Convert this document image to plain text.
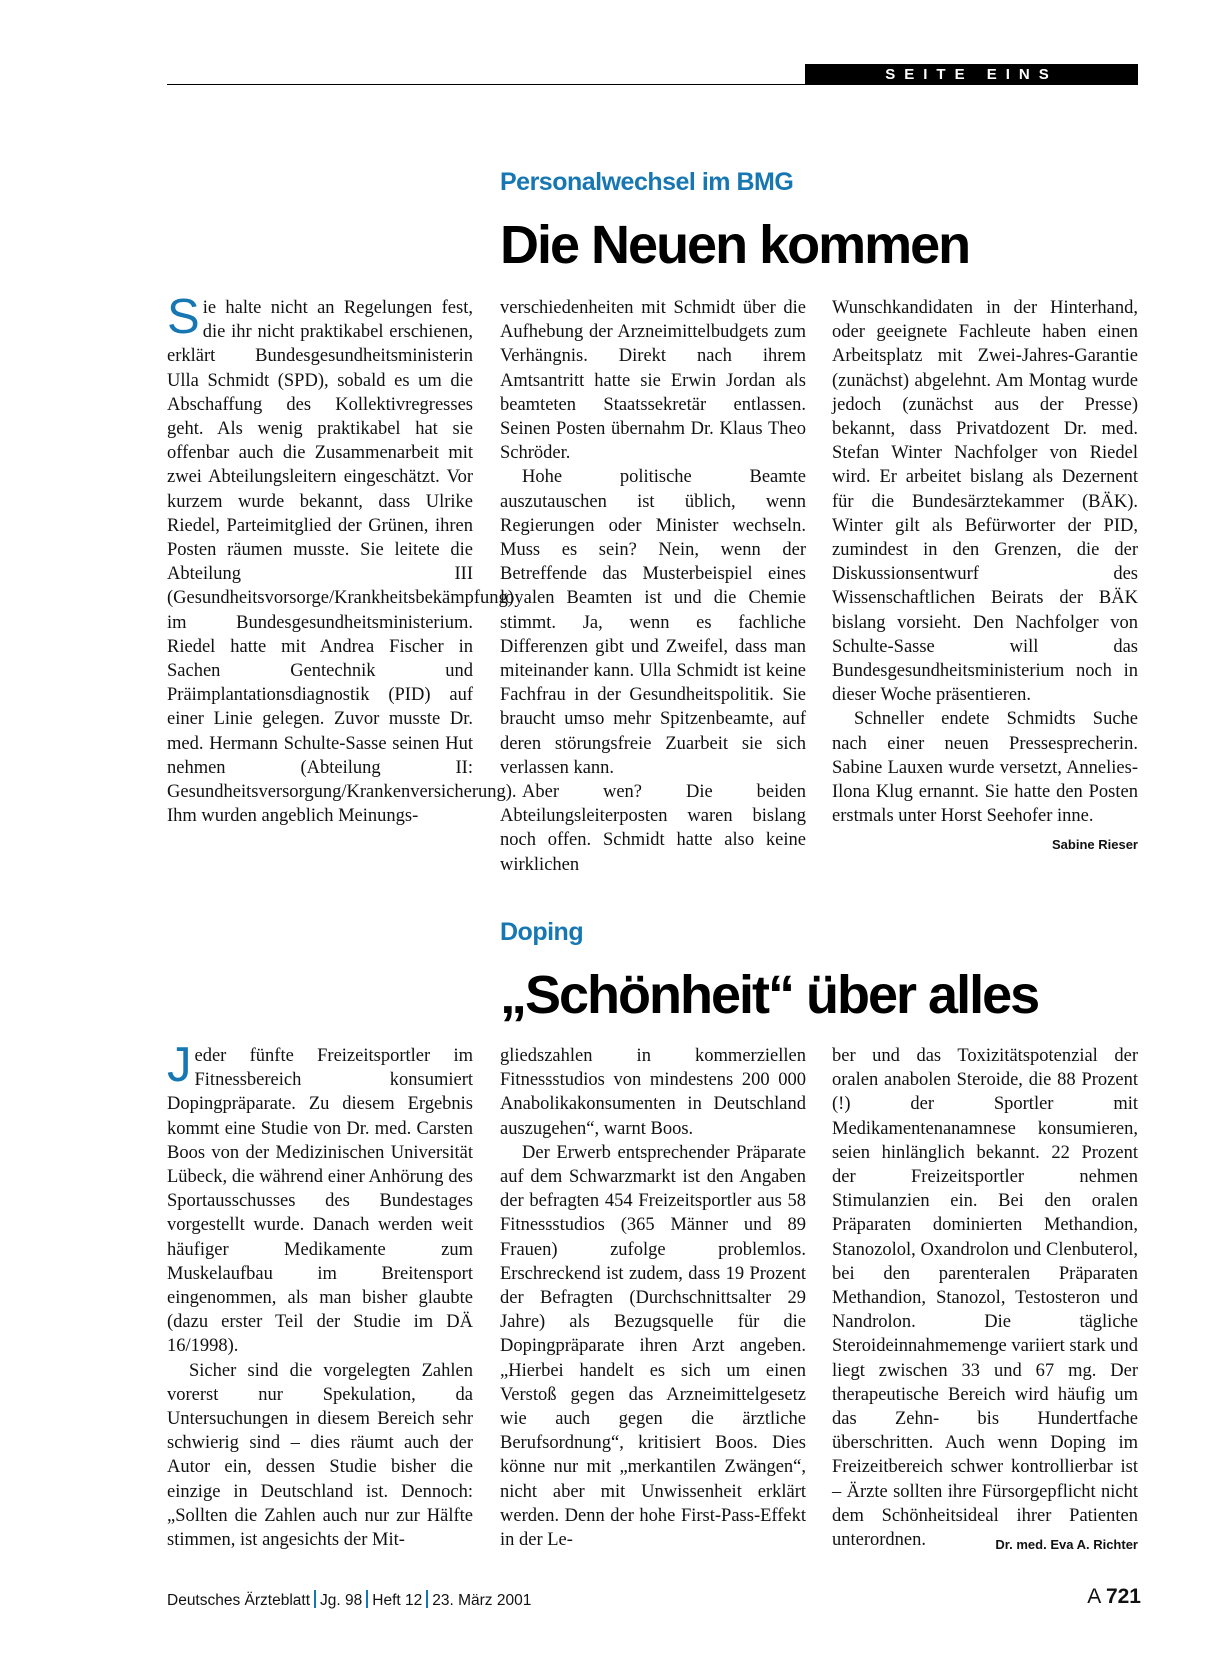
SEITE EINS
Personalwechsel im BMG
Die Neuen kommen

Sie halte nicht an Regelungen fest, die ihr nicht praktikabel erschienen, erklärt Bundesgesundheitsministerin Ulla Schmidt (SPD), sobald es um die Abschaffung des Kollektivregresses geht. Als wenig praktikabel hat sie offenbar auch die Zusammenarbeit mit zwei Abteilungsleitern eingeschätzt. Vor kurzem wurde bekannt, dass Ulrike Riedel, Parteimitglied der Grünen, ihren Posten räumen musste. Sie leitete die Abteilung III (Gesundheitsvorsorge/Krankheitsbekämpfung) im Bundesgesundheitsministerium. Riedel hatte mit Andrea Fischer in Sachen Gentechnik und Präimplantationsdiagnostik (PID) auf einer Linie gelegen. Zuvor musste Dr. med. Hermann Schulte-Sasse seinen Hut nehmen (Abteilung II: Gesundheitsversorgung/Krankenversicherung). Ihm wurden angeblich Meinungs-

verschiedenheiten mit Schmidt über die Aufhebung der Arzneimittelbudgets zum Verhängnis. Direkt nach ihrem Amtsantritt hatte sie Erwin Jordan als beamteten Staatssekretär entlassen. Seinen Posten übernahm Dr. Klaus Theo Schröder.

Hohe politische Beamte auszutauschen ist üblich, wenn Regierungen oder Minister wechseln. Muss es sein? Nein, wenn der Betreffende das Musterbeispiel eines loyalen Beamten ist und die Chemie stimmt. Ja, wenn es fachliche Differenzen gibt und Zweifel, dass man miteinander kann. Ulla Schmidt ist keine Fachfrau in der Gesundheitspolitik. Sie braucht umso mehr Spitzenbeamte, auf deren störungsfreie Zuarbeit sie sich verlassen kann.

Aber wen? Die beiden Abteilungsleiterposten waren bislang noch offen. Schmidt hatte also keine wirklichen

Wunschkandidaten in der Hinterhand, oder geeignete Fachleute haben einen Arbeitsplatz mit Zwei-Jahres-Garantie (zunächst) abgelehnt. Am Montag wurde jedoch (zunächst aus der Presse) bekannt, dass Privatdozent Dr. med. Stefan Winter Nachfolger von Riedel wird. Er arbeitet bislang als Dezernent für die Bundesärztekammer (BÄK). Winter gilt als Befürworter der PID, zumindest in den Grenzen, die der Diskussionsentwurf des Wissenschaftlichen Beirats der BÄK bislang vorsieht. Den Nachfolger von Schulte-Sasse will das Bundesgesundheitsministerium noch in dieser Woche präsentieren.

Schneller endete Schmidts Suche nach einer neuen Pressesprecherin. Sabine Lauxen wurde versetzt, Annelies-Ilona Klug ernannt. Sie hatte den Posten erstmals unter Horst Seehofer inne.
Sabine Rieser

Doping
„Schönheit“ über alles

Jeder fünfte Freizeitsportler im Fitnessbereich konsumiert Dopingpräparate. Zu diesem Ergebnis kommt eine Studie von Dr. med. Carsten Boos von der Medizinischen Universität Lübeck, die während einer Anhörung des Sportausschusses des Bundestages vorgestellt wurde. Danach werden weit häufiger Medikamente zum Muskelaufbau im Breitensport eingenommen, als man bisher glaubte (dazu erster Teil der Studie im DÄ 16/1998).

Sicher sind die vorgelegten Zahlen vorerst nur Spekulation, da Untersuchungen in diesem Bereich sehr schwierig sind – dies räumt auch der Autor ein, dessen Studie bisher die einzige in Deutschland ist. Dennoch: „Sollten die Zahlen auch nur zur Hälfte stimmen, ist angesichts der Mit-

gliedszahlen in kommerziellen Fitnessstudios von mindestens 200 000 Anabolikakonsumenten in Deutschland auszugehen“, warnt Boos.

Der Erwerb entsprechender Präparate auf dem Schwarzmarkt ist den Angaben der befragten 454 Freizeitsportler aus 58 Fitnessstudios (365 Männer und 89 Frauen) zufolge problemlos. Erschreckend ist zudem, dass 19 Prozent der Befragten (Durchschnittsalter 29 Jahre) als Bezugsquelle für die Dopingpräparate ihren Arzt angeben. „Hierbei handelt es sich um einen Verstoß gegen das Arzneimittelgesetz wie auch gegen die ärztliche Berufsordnung“, kritisiert Boos. Dies könne nur mit „merkantilen Zwängen“, nicht aber mit Unwissenheit erklärt werden. Denn der hohe First-Pass-Effekt in der Le-

ber und das Toxizitätspotenzial der oralen anabolen Steroide, die 88 Prozent (!) der Sportler mit Medikamentenanamnese konsumieren, seien hinlänglich bekannt. 22 Prozent der Freizeitsportler nehmen Stimulanzien ein. Bei den oralen Präparaten dominierten Methandion, Stanozolol, Oxandrolon und Clenbuterol, bei den parenteralen Präparaten Methandion, Stanozol, Testosteron und Nandrolon. Die tägliche Steroideinnahmemenge variiert stark und liegt zwischen 33 und 67 mg. Der therapeutische Bereich wird häufig um das Zehn- bis Hundertfache überschritten. Auch wenn Doping im Freizeitbereich schwer kontrollierbar ist – Ärzte sollten ihre Fürsorgepflicht nicht dem Schönheitsideal ihrer Patienten unterordnen.	Dr. med. Eva A. Richter

Deutsches Ärzteblatt Jg. 98 Heft 12 23. März 2001	A 721
